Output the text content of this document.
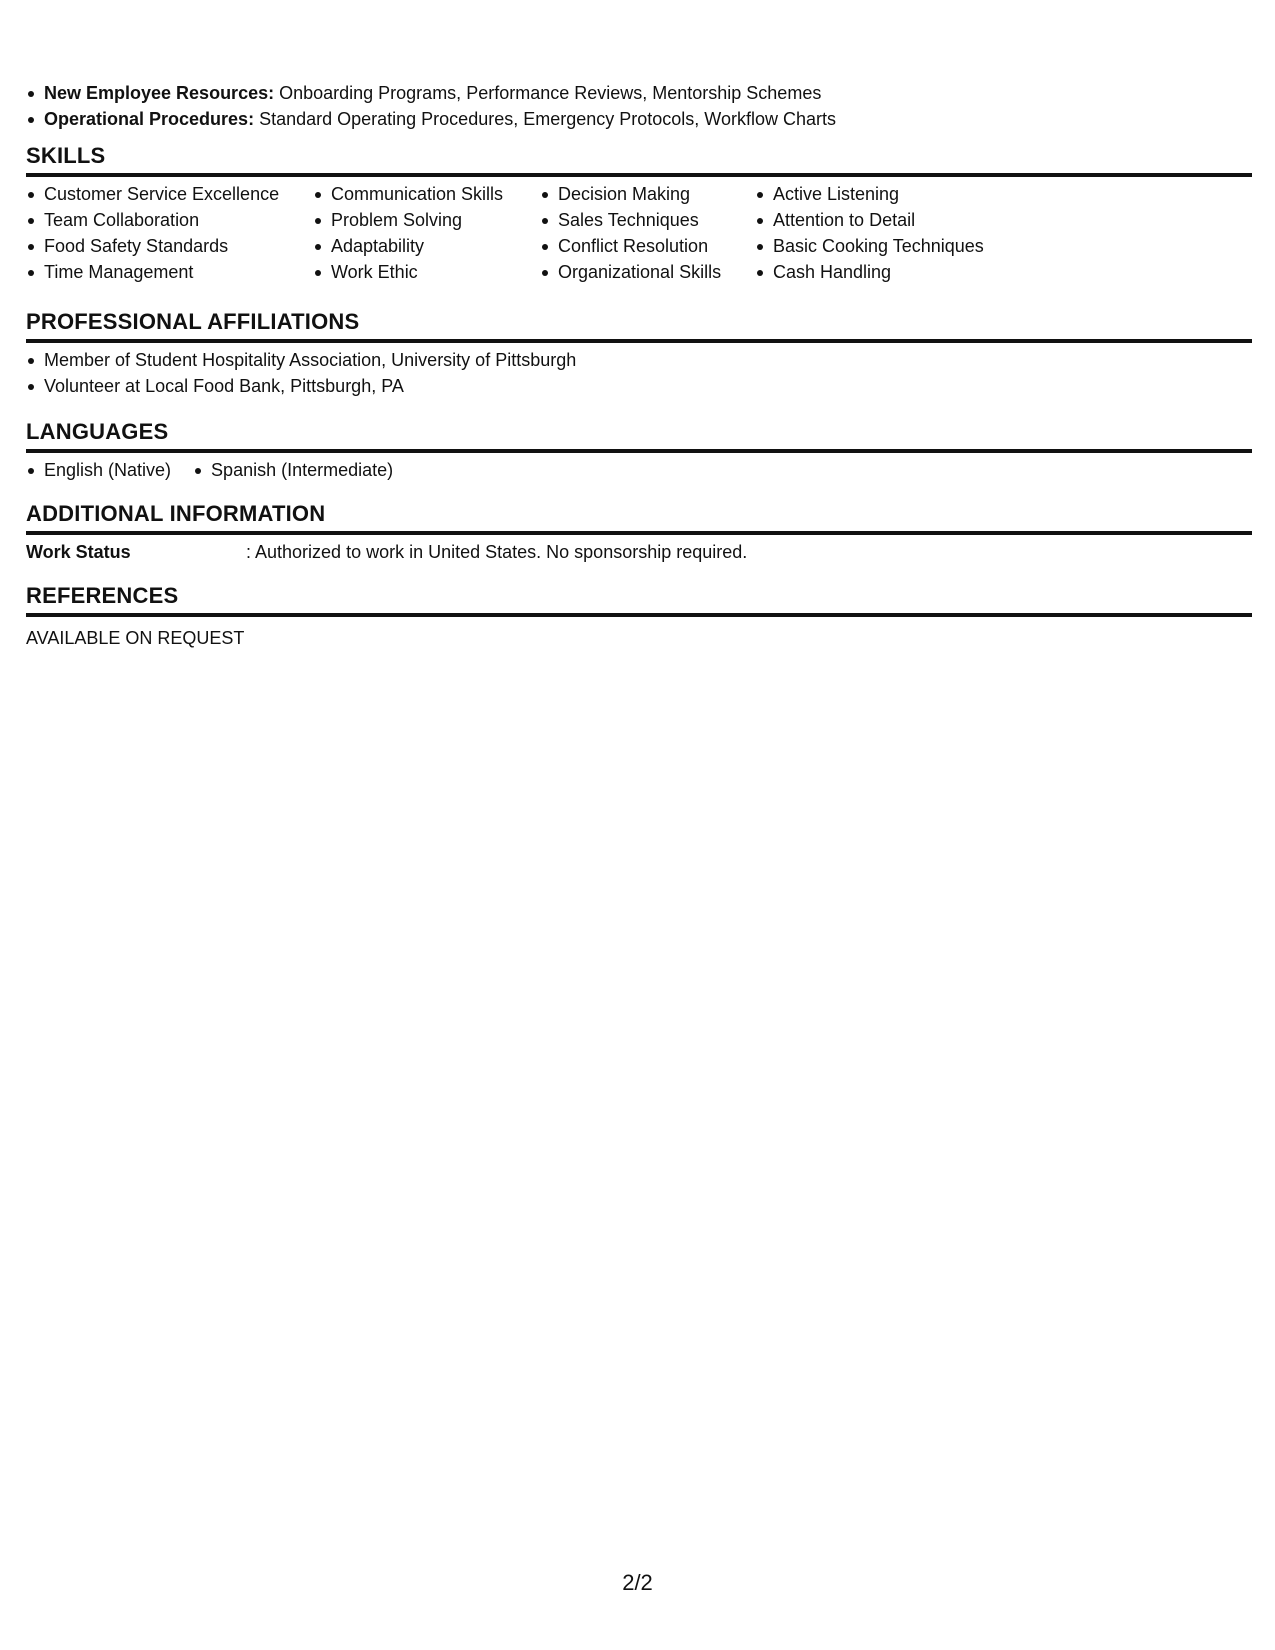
New Employee Resources: Onboarding Programs, Performance Reviews, Mentorship Schemes
Operational Procedures: Standard Operating Procedures, Emergency Protocols, Workflow Charts
SKILLS
Customer Service Excellence
Team Collaboration
Food Safety Standards
Time Management
Communication Skills
Problem Solving
Adaptability
Work Ethic
Decision Making
Sales Techniques
Conflict Resolution
Organizational Skills
Active Listening
Attention to Detail
Basic Cooking Techniques
Cash Handling
PROFESSIONAL AFFILIATIONS
Member of Student Hospitality Association, University of Pittsburgh
Volunteer at Local Food Bank, Pittsburgh, PA
LANGUAGES
English (Native)	Spanish (Intermediate)
ADDITIONAL INFORMATION
Work Status	: Authorized to work in United States. No sponsorship required.
REFERENCES
AVAILABLE ON REQUEST
2/2
